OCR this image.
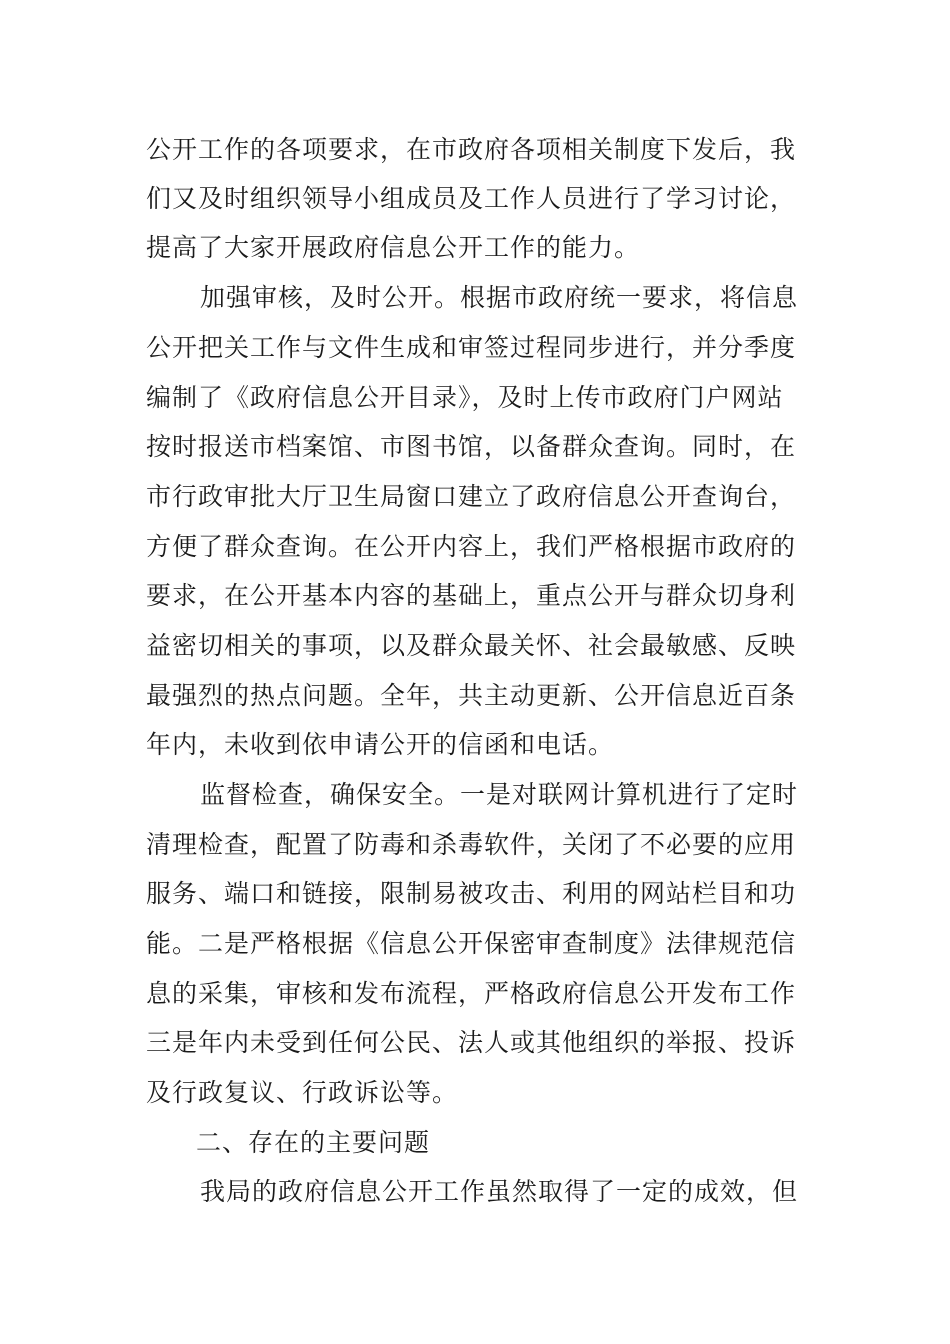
公开工作的各项要求，在市政府各项相关制度下发后，我
们又及时组织领导小组成员及工作人员进行了学习讨论，
提高了大家开展政府信息公开工作的能力。
加强审核，及时公开。根据市政府统一要求，将信息
公开把关工作与文件生成和审签过程同步进行，并分季度
编制了《政府信息公开目录》，及时上传市政府门户网站
按时报送市档案馆、市图书馆，以备群众查询。同时，在
市行政审批大厅卫生局窗口建立了政府信息公开查询台，
方便了群众查询。在公开内容上，我们严格根据市政府的
要求，在公开基本内容的基础上，重点公开与群众切身利
益密切相关的事项，以及群众最关怀、社会最敏感、反映
最强烈的热点问题。全年，共主动更新、公开信息近百条
年内，未收到依申请公开的信函和电话。
监督检查，确保安全。一是对联网计算机进行了定时
清理检查，配置了防毒和杀毒软件，关闭了不必要的应用
服务、端口和链接，限制易被攻击、利用的网站栏目和功
能。二是严格根据《信息公开保密审查制度》法律规范信
息的采集，审核和发布流程，严格政府信息公开发布工作
三是年内未受到任何公民、法人或其他组织的举报、投诉
及行政复议、行政诉讼等。
二、存在的主要问题
我局的政府信息公开工作虽然取得了一定的成效，但
